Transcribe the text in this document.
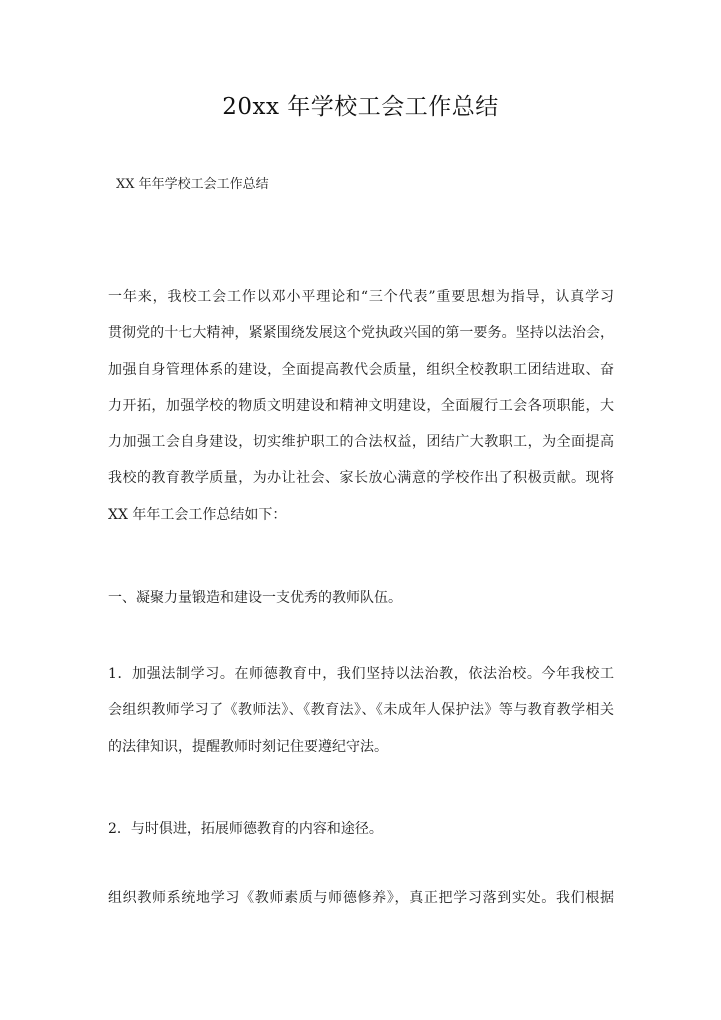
20xx 年学校工会工作总结

XX 年年学校工会工作总结

一年来，我校工会工作以邓小平理论和“三个代表”重要思想为指导，认真学习
贯彻党的十七大精神，紧紧围绕发展这个党执政兴国的第一要务。坚持以法治会，
加强自身管理体系的建设，全面提高教代会质量，组织全校教职工团结进取、奋
力开拓，加强学校的物质文明建设和精神文明建设，全面履行工会各项职能，大
力加强工会自身建设，切实维护职工的合法权益，团结广大教职工，为全面提高
我校的教育教学质量，为办让社会、家长放心满意的学校作出了积极贡献。现将
XX 年年工会工作总结如下：
一、凝聚力量锻造和建设一支优秀的教师队伍。
1．加强法制学习。在师德教育中，我们坚持以法治教，依法治校。今年我校工
会组织教师学习了《教师法》、《教育法》、《未成年人保护法》等与教育教学相关
的法律知识，提醒教师时刻记住要遵纪守法。
2．与时俱进，拓展师德教育的内容和途径。
组织教师系统地学习《教师素质与师德修养》，真正把学习落到实处。我们根据
